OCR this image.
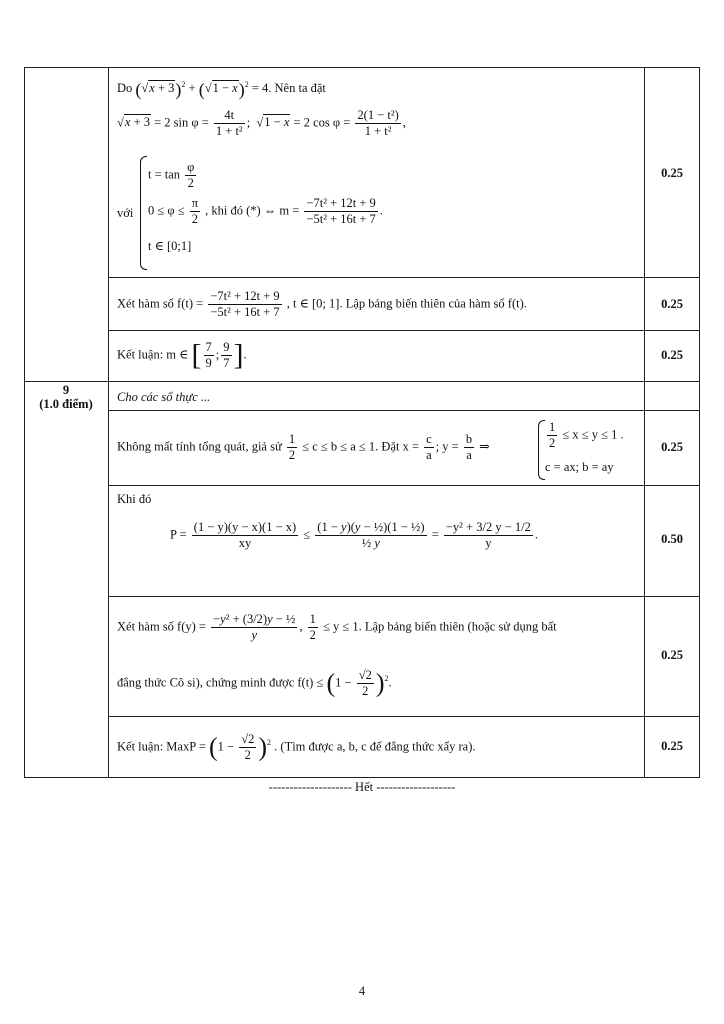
Do $(√x + 3)^2 + (√1 - x)^2 = 4$. Nên ta đặt
√x + 3 = 2 $\sin \varphi = \frac{4t}{\text{1 + t²}}$ ;  √1 − x = 2 $\cos \varphi = \frac{\text{2(1 − t²)}}{\text{1 + t²}}$ ,
với
$t = \tan \frac{\varphi}{2}$
$0 \le \varphi \le \frac{\pi}{2}$ , khi đó (*) ⇔ $m = \frac{\text{−7t² + 12t + 9}}{\text{−5t² + 16t + 7}}$ .
t ∈ [0;1]
0.25
Xét hàm số $f(t) = \frac{\text{−7t² + 12t + 9}}{\text{−5t² + 16t + 7}}$ , t ∈ [0; 1]. Lập bảng biến thiên của hàm số f(t).	0.25
Kết luận: m ∈ [ $\frac{7}{9}$ ; $\frac{9}{7}$ ].	0.25
9
(1.0 điểm)	Cho các số thực ...
Không mất tính tổng quát, giả sử $\frac{1}{2} \le c \le b \le a \le 1$. Đặt $x = \frac{c}{a}$ ; $y = \frac{b}{a}$ ⇒	$\frac{1}{2} \le x \le y \le 1$ .
c = ax; b = ay
0.25
Khi đó
$P = \frac{(1 - y)(y - x)(1 - x)}{xy} \le \frac{\text{(1 − y)(y − ½)(1 − ½)}}{\text{½ y}} = \frac{\text{−y² + 3/2 y − 1/2}}{y}$ .	0.50
Xét hàm số $f(y) = \frac{\text{−y² + (3/2)y − ½}}{y}$ , $\frac{1}{2} \le y \le 1$. Lập bảng biến thiên (hoặc sử dụng bất
đẳng thức Cô si), chứng minh được $f(t) \le (1 - \frac{√2}{2} )^2$.
0.25
Kết luận: MaxP = $(1 - \frac{√2}{2} )^2$ . (Tìm được a, b, c để đẳng thức xẩy ra).	0.25
-------------------- Hết -------------------
4
